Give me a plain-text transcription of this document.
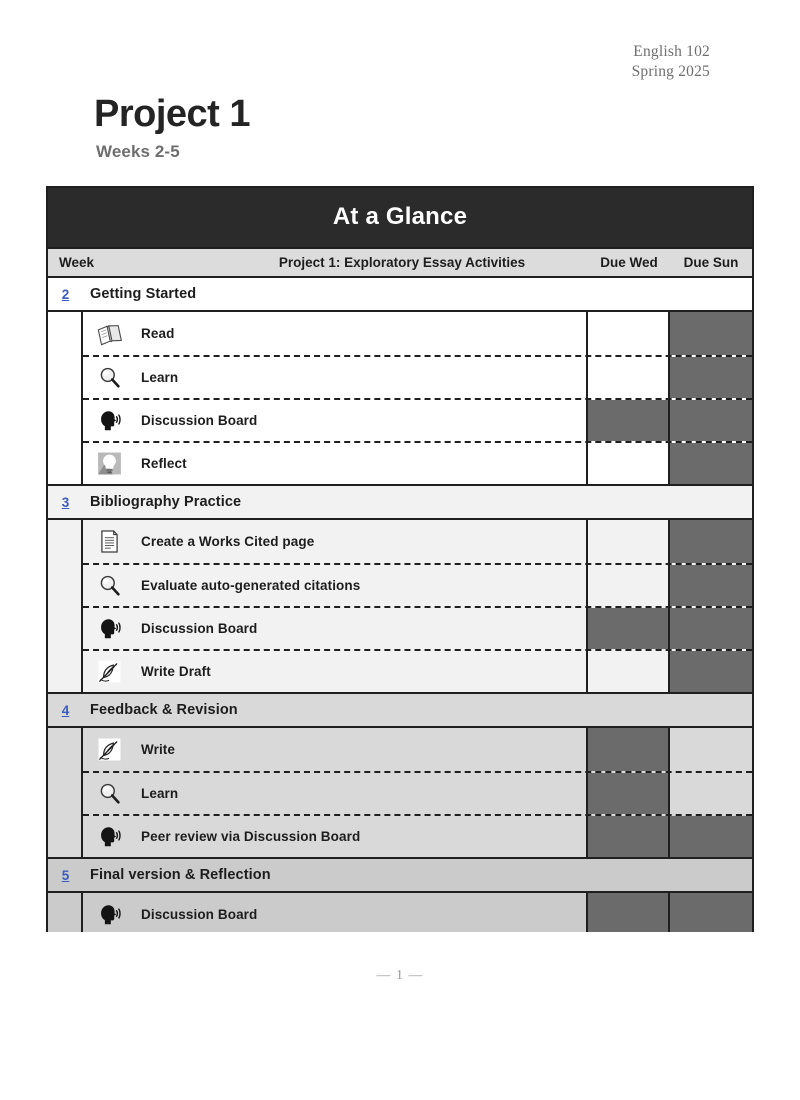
English 102
Spring 2025
Project 1
Weeks 2-5
At a Glance
Week	Project 1: Exploratory Essay Activities	Due Wed	Due Sun
2	Getting Started
Read
Learn
Discussion Board
Reflect
3	Bibliography Practice
Create a Works Cited page
Evaluate auto-generated citations
Discussion Board
Write Draft
4	Feedback & Revision
Write
Learn
Peer review via Discussion Board
5	Final version & Reflection
Discussion Board
— 1 —
